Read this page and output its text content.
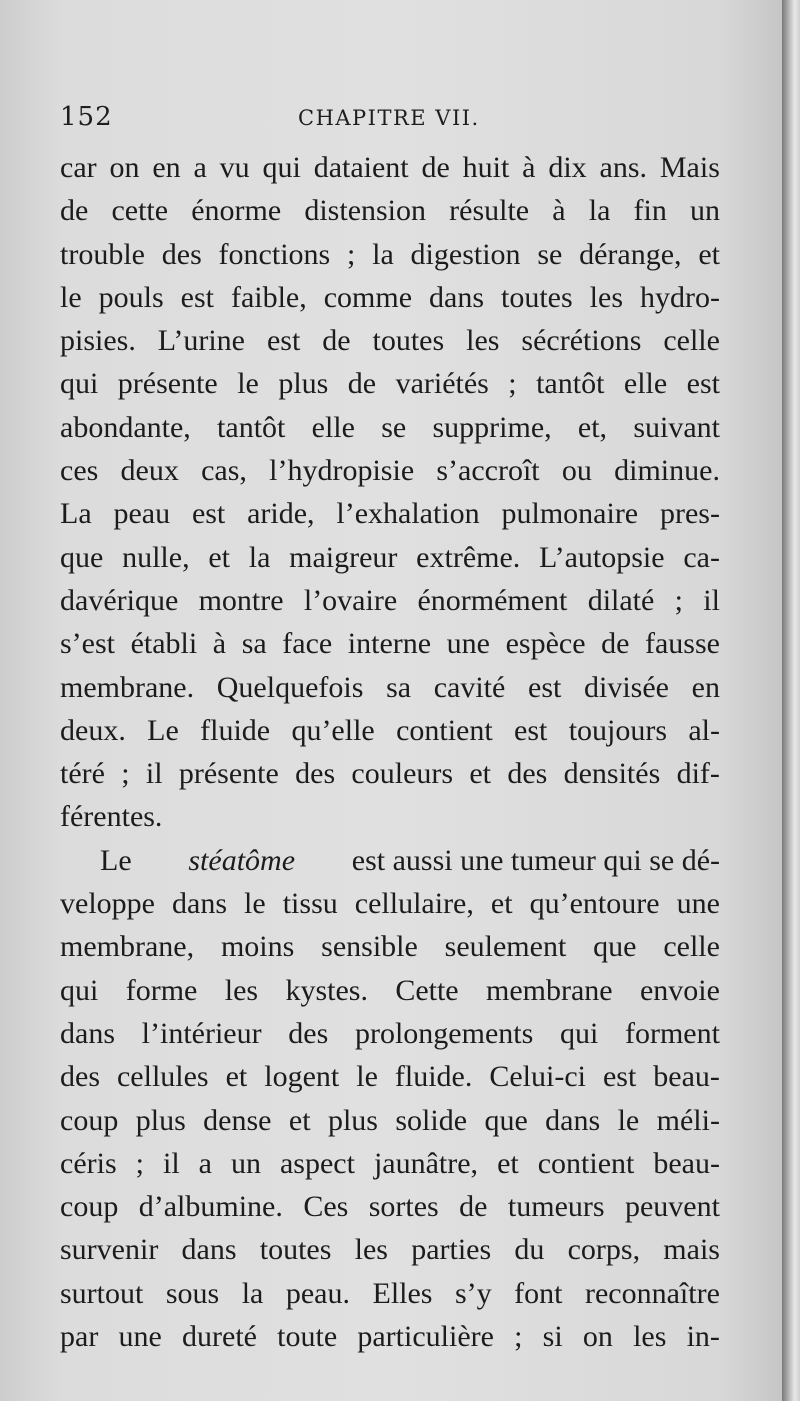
152	CHAPITRE VII.
car on en a vu qui dataient de huit à dix ans. Mais
de cette énorme distension résulte à la fin un
trouble des fonctions ; la digestion se dérange, et
le pouls est faible, comme dans toutes les hydro-
pisies. L’urine est de toutes les sécrétions celle
qui présente le plus de variétés ; tantôt elle est
abondante, tantôt elle se supprime, et, suivant
ces deux cas, l’hydropisie s’accroît ou diminue.
La peau est aride, l’exhalation pulmonaire pres-
que nulle, et la maigreur extrême. L’autopsie ca-
davérique montre l’ovaire énormément dilaté ; il
s’est établi à sa face interne une espèce de fausse
membrane. Quelquefois sa cavité est divisée en
deux. Le fluide qu’elle contient est toujours al-
téré ; il présente des couleurs et des densités dif-
férentes.
Le stéatôme est aussi une tumeur qui se dé-
veloppe dans le tissu cellulaire, et qu’entoure une
membrane, moins sensible seulement que celle
qui forme les kystes. Cette membrane envoie
dans l’intérieur des prolongements qui forment
des cellules et logent le fluide. Celui-ci est beau-
coup plus dense et plus solide que dans le méli-
céris ; il a un aspect jaunâtre, et contient beau-
coup d’albumine. Ces sortes de tumeurs peuvent
survenir dans toutes les parties du corps, mais
surtout sous la peau. Elles s’y font reconnaître
par une dureté toute particulière ; si on les in-
